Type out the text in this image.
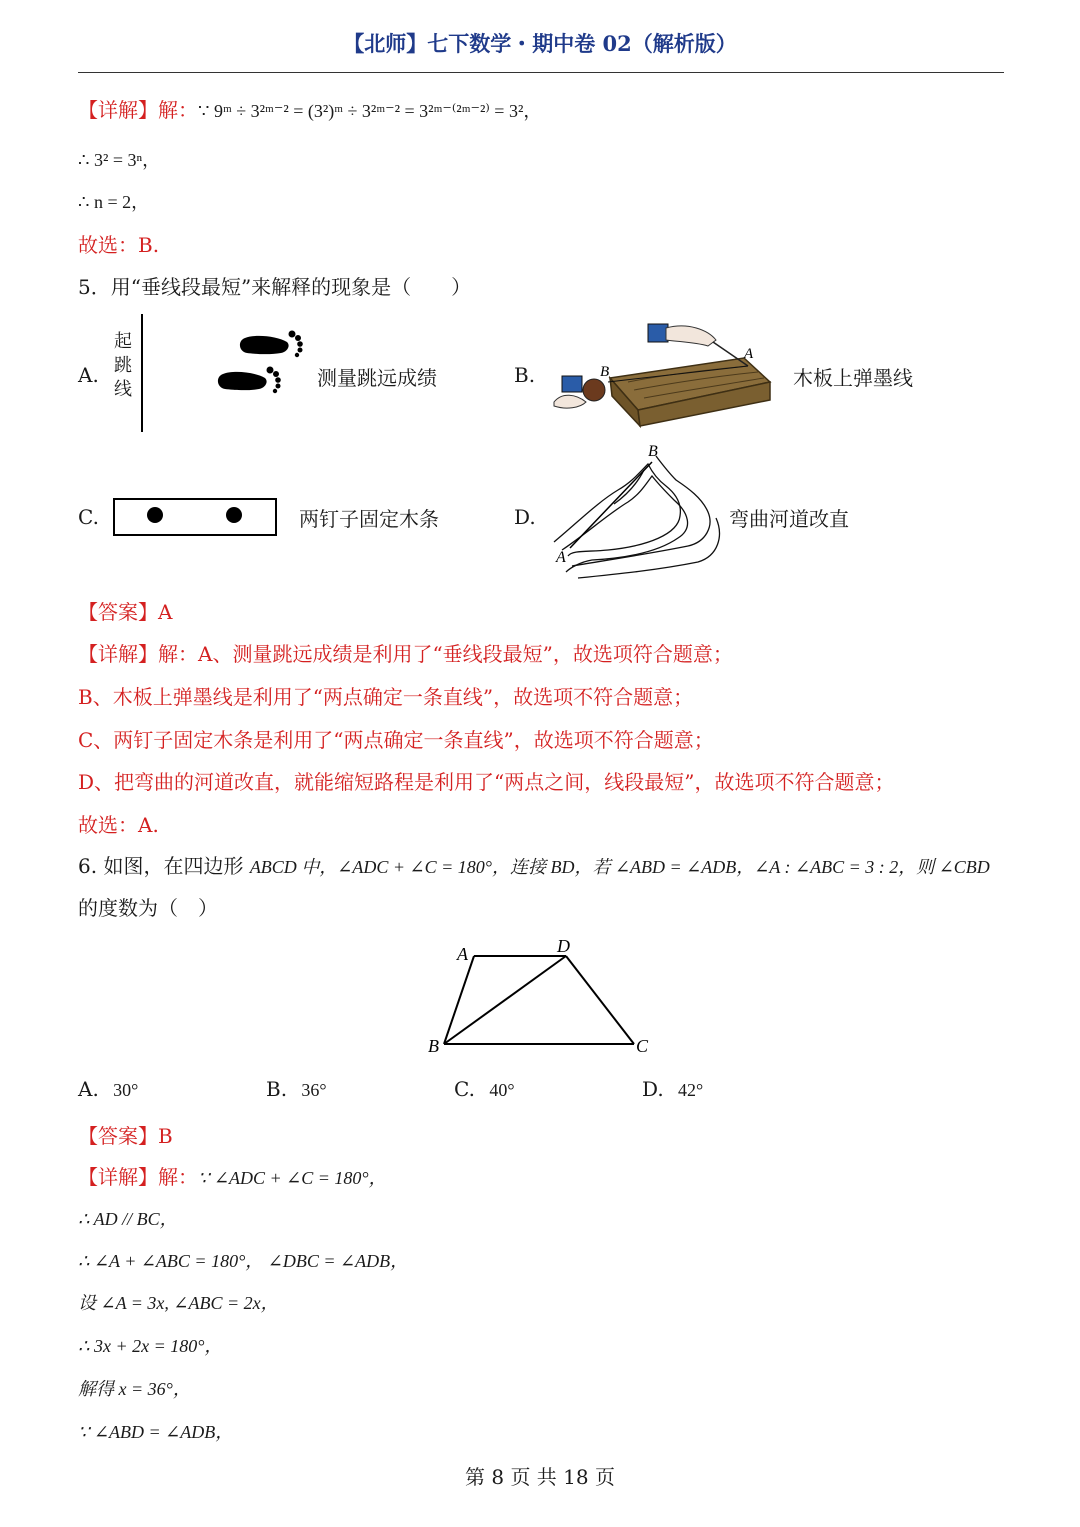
【北师】七下数学・期中卷 02（解析版）
【详解】解：∵ 9ᵐ ÷ 3²ᵐ⁻² = (3²)ᵐ ÷ 3²ᵐ⁻² = 3²ᵐ⁻⁽²ᵐ⁻²⁾ = 3²，
∴ 3² = 3ⁿ，
∴ n = 2，
故选：B.
5．用“垂线段最短”来解释的现象是（　　）
A.
起
跳
线	测量跳远成绩	B.	B
A
木板上弹墨线
C.	两钉子固定木条	D.
A
B
弯曲河道改直
【答案】A
【详解】解：A、测量跳远成绩是利用了“垂线段最短”，故选项符合题意；
B、木板上弹墨线是利用了“两点确定一条直线”，故选项不符合题意；
C、两钉子固定木条是利用了“两点确定一条直线”，故选项不符合题意；
D、把弯曲的河道改直，就能缩短路程是利用了“两点之间，线段最短”，故选项不符合题意；
故选：A.
6. 如图，在四边形 ABCD 中，∠ADC + ∠C = 180°，连接 BD，若 ∠ABD = ∠ADB，∠A : ∠ABC = 3 : 2，则 ∠CBD
的度数为（　）
A	D
B	C
A. 30°	B. 36°	C. 40°	D. 42°
【答案】B
【详解】解：∵ ∠ADC + ∠C = 180°，
∴ AD // BC，
∴ ∠A + ∠ABC = 180°， ∠DBC = ∠ADB，
设 ∠A = 3x, ∠ABC = 2x，
∴ 3x + 2x = 180°，
解得 x = 36°，
∵ ∠ABD = ∠ADB，
第 8 页 共 18 页
